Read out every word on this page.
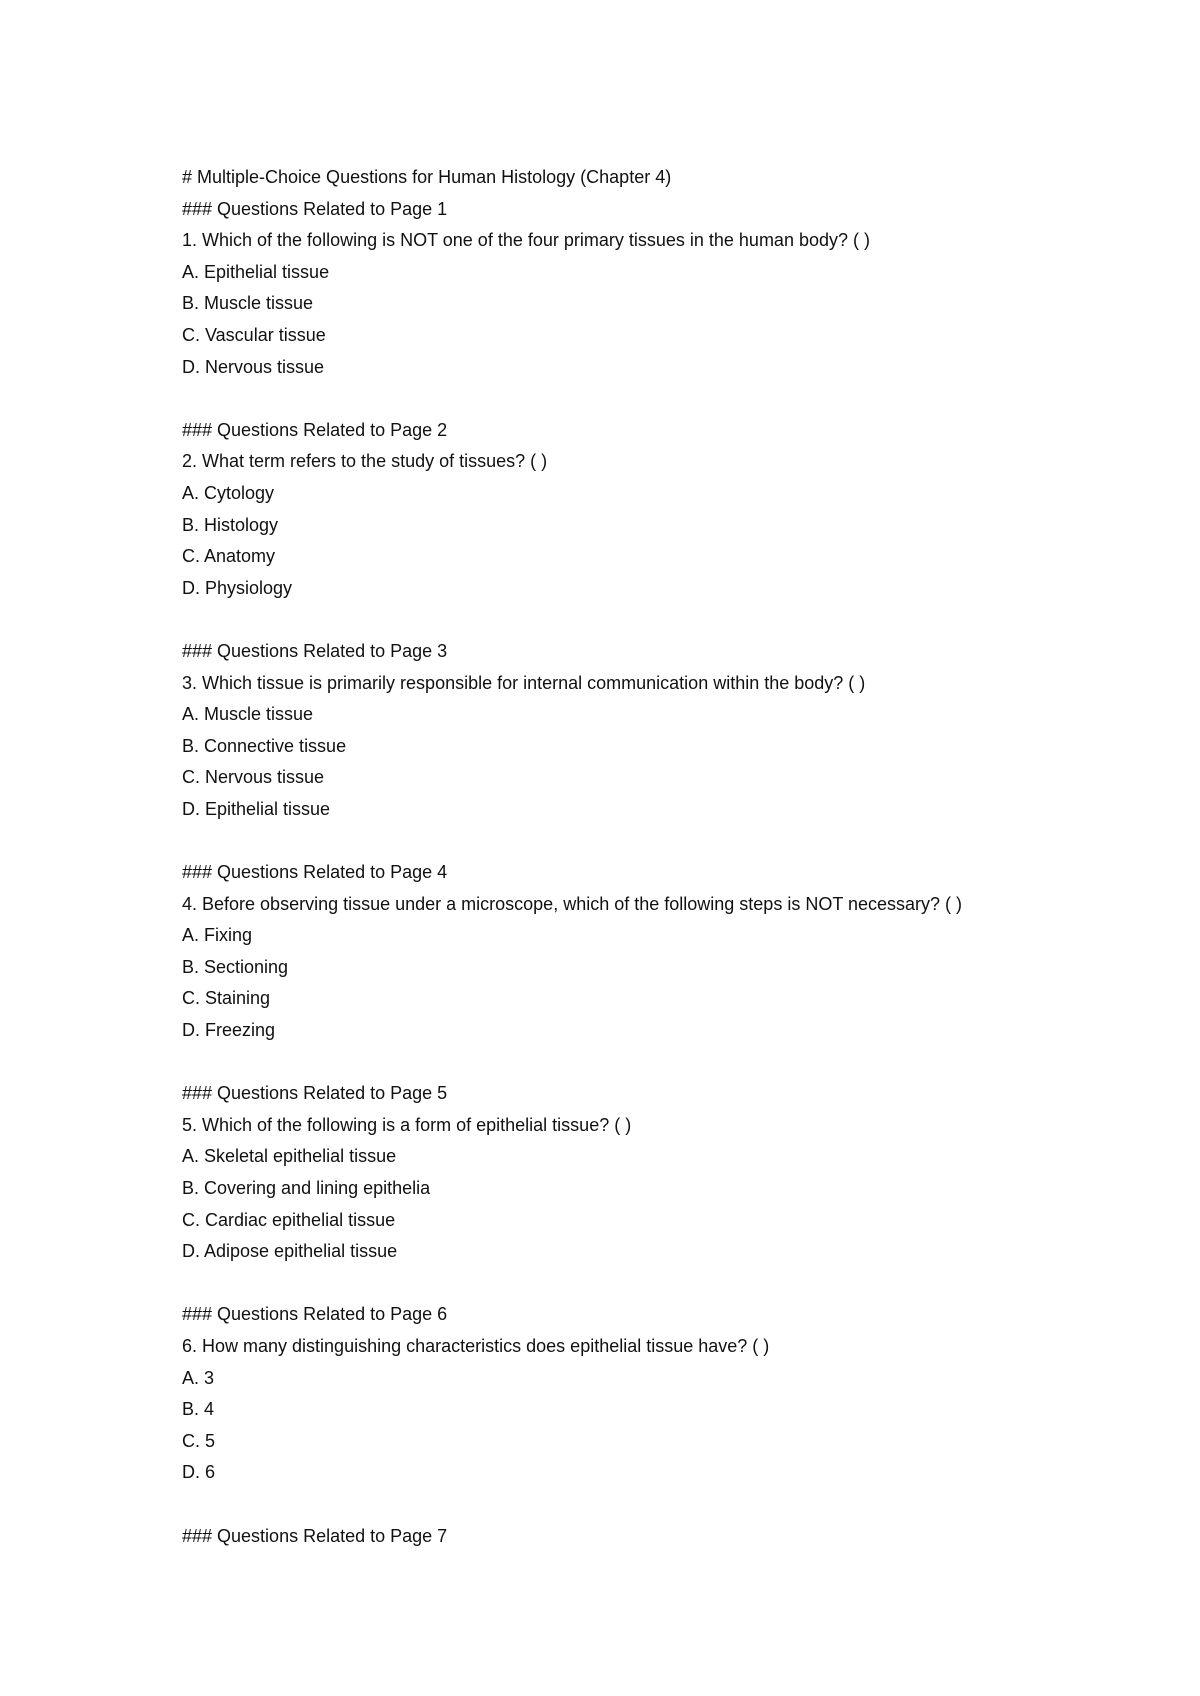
# Multiple-Choice Questions for Human Histology (Chapter 4)
### Questions Related to Page 1
1. Which of the following is NOT one of the four primary tissues in the human body? ( )
A. Epithelial tissue
B. Muscle tissue
C. Vascular tissue
D. Nervous tissue
### Questions Related to Page 2
2. What term refers to the study of tissues? ( )
A. Cytology
B. Histology
C. Anatomy
D. Physiology
### Questions Related to Page 3
3. Which tissue is primarily responsible for internal communication within the body? ( )
A. Muscle tissue
B. Connective tissue
C. Nervous tissue
D. Epithelial tissue
### Questions Related to Page 4
4. Before observing tissue under a microscope, which of the following steps is NOT necessary? ( )
A. Fixing
B. Sectioning
C. Staining
D. Freezing
### Questions Related to Page 5
5. Which of the following is a form of epithelial tissue? ( )
A. Skeletal epithelial tissue
B. Covering and lining epithelia
C. Cardiac epithelial tissue
D. Adipose epithelial tissue
### Questions Related to Page 6
6. How many distinguishing characteristics does epithelial tissue have? ( )
A. 3
B. 4
C. 5
D. 6
### Questions Related to Page 7
